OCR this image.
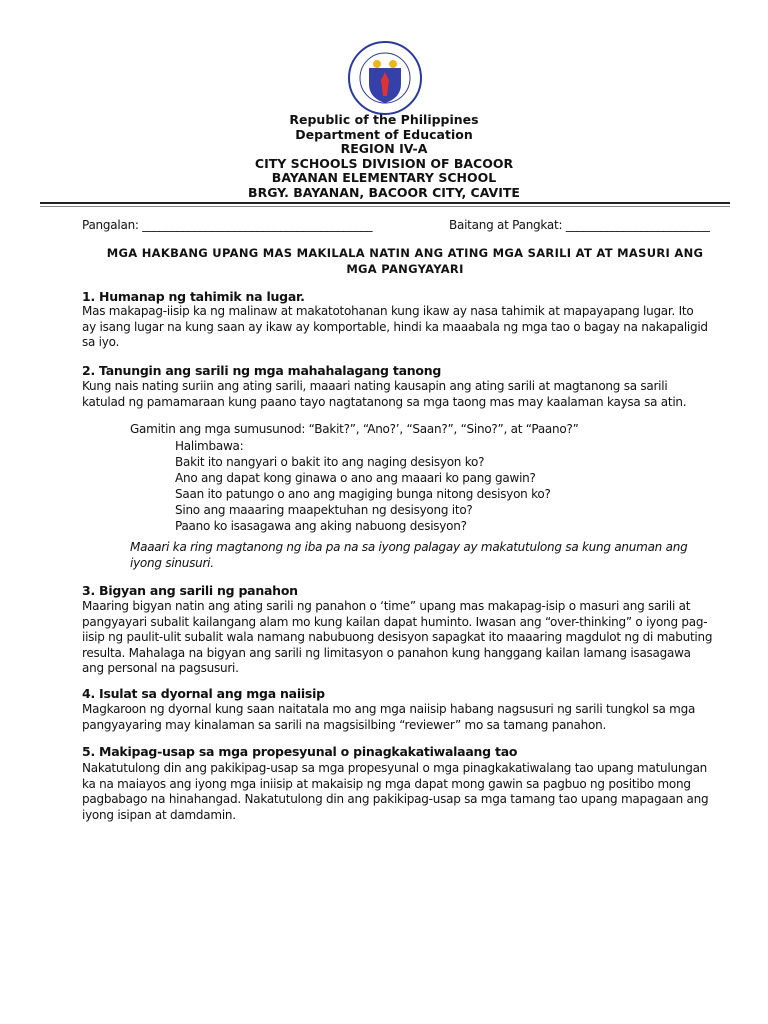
Republic of the Philippines
Department of Education
REGION IV-A
CITY SCHOOLS DIVISION OF BACOOR
BAYANAN ELEMENTARY SCHOOL
BRGY. BAYANAN, BACOOR CITY, CAVITE
Pangalan: ________________________________________	Baitang at Pangkat: _________________________
MGA HAKBANG UPANG MAS MAKILALA NATIN ANG ATING MGA SARILI AT AT MASURI ANG
MGA PANGYAYARI
1. Humanap ng tahimik na lugar.
Mas makapag-iisip ka ng malinaw at makatotohanan kung ikaw ay nasa tahimik at mapayapang lugar. Ito
ay isang lugar na kung saan ay ikaw ay komportable, hindi ka maaabala ng mga tao o bagay na nakapaligid
sa iyo.
2. Tanungin ang sarili ng mga mahahalagang tanong
Kung nais nating suriin ang ating sarili, maaari nating kausapin ang ating sarili at magtanong sa sarili
katulad ng pamamaraan kung paano tayo nagtatanong sa mga taong mas may kaalaman kaysa sa atin.
3. Bigyan ang sarili ng panahon
Maaring bigyan natin ang ating sarili ng panahon o ‘time” upang mas makapag-isip o masuri ang sarili at
pangyayari subalit kailangang alam mo kung kailan dapat huminto. Iwasan ang “over-thinking” o iyong pag-
iisip ng paulit-ulit subalit wala namang nabubuong desisyon sapagkat ito maaaring magdulot ng di mabuting
resulta. Mahalaga na bigyan ang sarili ng limitasyon o panahon kung hanggang kailan lamang isasagawa
ang personal na pagsusuri.
4. Isulat sa dyornal ang mga naiisip
Magkaroon ng dyornal kung saan naitatala mo ang mga naiisip habang nagsusuri ng sarili tungkol sa mga
pangyayaring may kinalaman sa sarili na magsisilbing “reviewer” mo sa tamang panahon.
5. Makipag-usap sa mga propesyunal o pinagkakatiwalaang tao
Nakatutulong din ang pakikipag-usap sa mga propesyunal o mga pinagkakatiwalang tao upang matulungan
ka na maiayos ang iyong mga iniisip at makaisip ng mga dapat mong gawin sa pagbuo ng positibo mong
pagbabago na hinahangad. Nakatutulong din ang pakikipag-usap sa mga tamang tao upang mapagaan ang
iyong isipan at damdamin.
Gamitin ang mga sumusunod: “Bakit?”, “Ano?’, “Saan?”, “Sino?”, at “Paano?”
Halimbawa:
Bakit ito nangyari o bakit ito ang naging desisyon ko?
Ano ang dapat kong ginawa o ano ang maaari ko pang gawin?
Saan ito patungo o ano ang magiging bunga nitong desisyon ko?
Sino ang maaaring maapektuhan ng desisyong ito?
Paano ko isasagawa ang aking nabuong desisyon?
Maaari ka ring magtanong ng iba pa na sa iyong palagay ay makatutulong sa kung anuman ang
iyong sinusuri.
